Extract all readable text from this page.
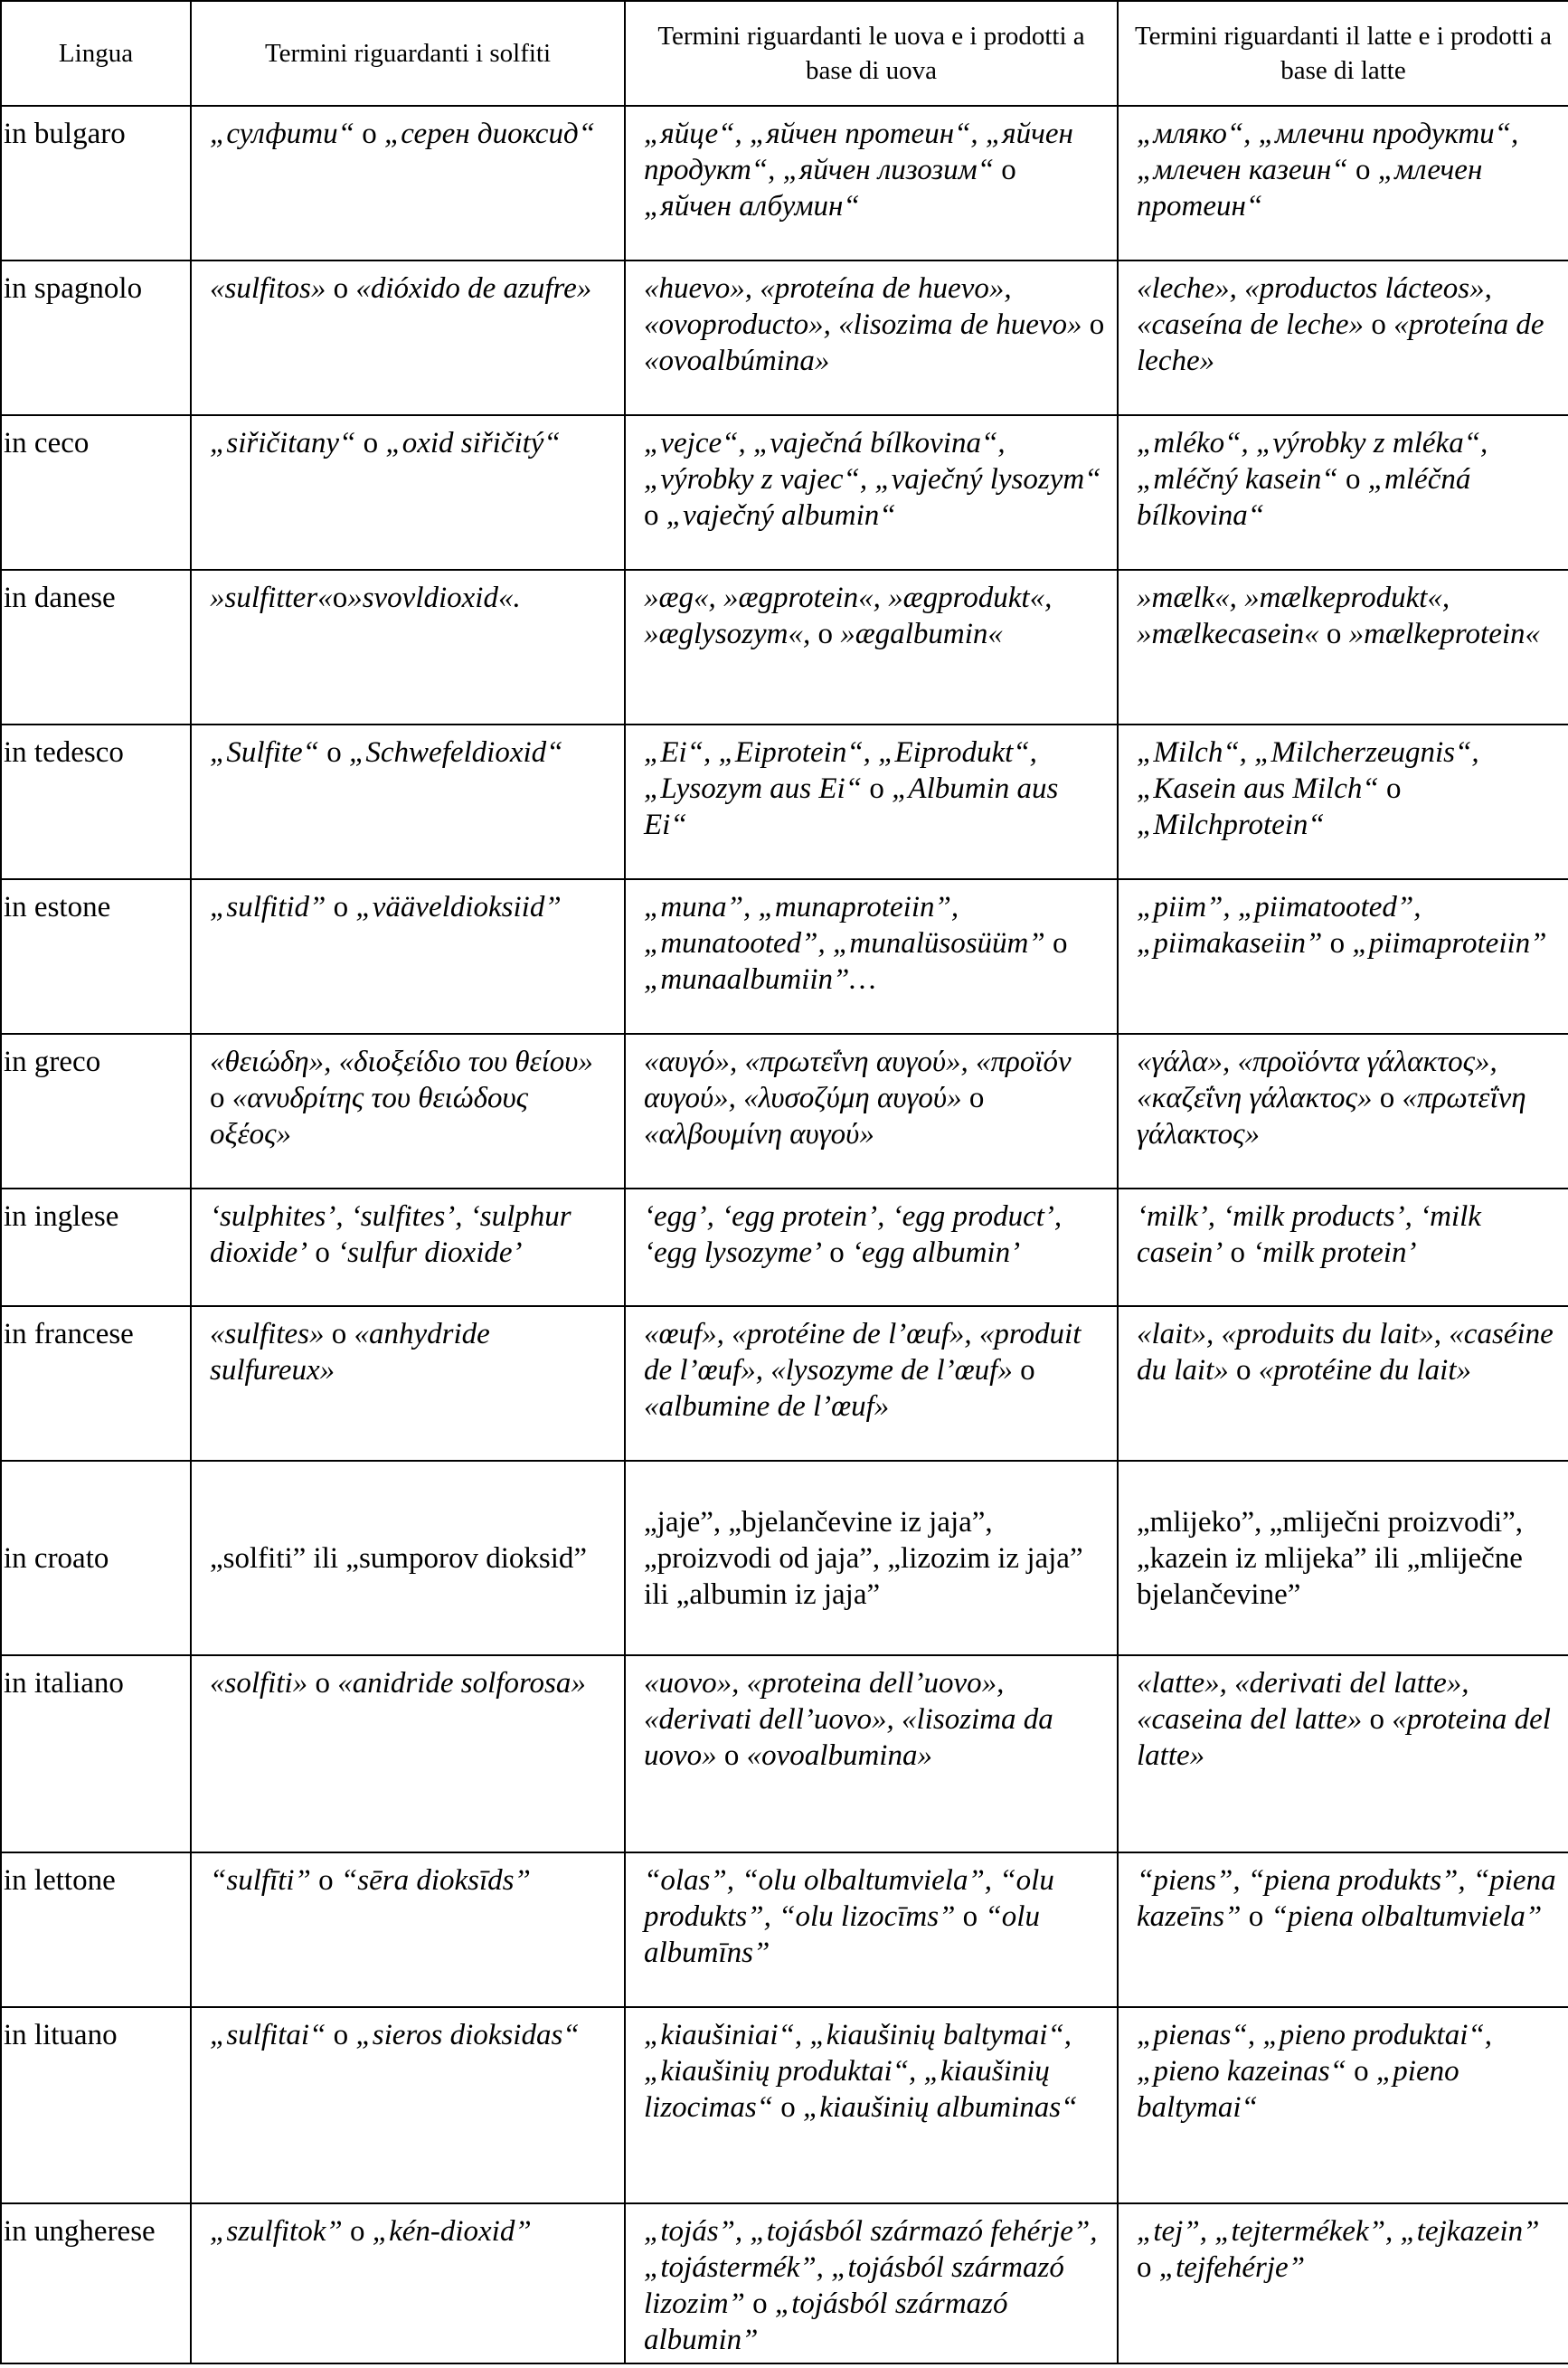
Lingua	Termini riguardanti i solfiti	Termini riguardanti le uova e i prodotti a base di uova	Termini riguardanti il latte e i prodotti a base di latte
in bulgaro	„сулфити“ o „серен диоксид“	„яйце“, „яйчен протеин“, „яйчен продукт“, „яйчен лизозим“ o „яйчен албумин“	„мляко“, „млечни продукти“, „млечен казеин“ o „млечен протеин“
in spagnolo	«sulfitos» o «dióxido de azufre»	«huevo», «proteína de huevo», «ovoproducto», «lisozima de huevo» o «ovoalbúmina»	«leche», «productos lácteos», «caseína de leche» o «proteína de leche»
in ceco	„siřičitany“ o „oxid siřičitý“	„vejce“, „vaječná bílkovina“, „výrobky z vajec“, „vaječný lysozym“ o „vaječný albumin“	„mléko“, „výrobky z mléka“, „mléčný kasein“ o „mléčná bílkovina“
in danese	»sulfitter«o»svovldioxid«.	»æg«, »ægprotein«, »ægprodukt«, »æglysozym«, o »ægalbumin«	»mælk«, »mælkeprodukt«, »mælkecasein« o »mælkeprotein«
in tedesco	„Sulfite“ o „Schwefeldioxid“	„Ei“, „Eiprotein“, „Eiprodukt“, „Lysozym aus Ei“ o „Albumin aus Ei“	„Milch“, „Milcherzeugnis“, „Kasein aus Milch“ o „Milchprotein“
in estone	„sulfitid” o „vääveldioksiid”	„muna”, „munaproteiin”, „munatooted”, „munalüsosüüm” o „munaalbumiin”…	„piim”, „piimatooted”, „piimakaseiin” o „piimaproteiin”
in greco	«θειώδη», «διοξείδιο του θείου» o «ανυδρίτης του θειώδους οξέος»	«αυγό», «πρωτεΐνη αυγού», «προϊόν αυγού», «λυσοζύμη αυγού» o «αλβουμίνη αυγού»	«γάλα», «προϊόντα γάλακτος», «καζεΐνη γάλακτος» o «πρωτεΐνη γάλακτος»
in inglese	‘sulphites’, ‘sulfites’, ‘sulphur dioxide’ o ‘sulfur dioxide’	‘egg’, ‘egg protein’, ‘egg product’, ‘egg lysozyme’ o ‘egg albumin’	‘milk’, ‘milk products’, ‘milk casein’ o ‘milk protein’
in francese	«sulfites» o «anhydride sulfureux»	«œuf», «protéine de l’œuf», «produit de l’œuf», «lysozyme de l’œuf» o «albumine de l’œuf»	«lait», «produits du lait», «caséine du lait» o «protéine du lait»
in croato	„solfiti” ili „sumporov dioksid”	„jaje”, „bjelančevine iz jaja”, „proizvodi od jaja”, „lizozim iz jaja” ili „albumin iz jaja”	„mlijeko”, „mliječni proizvodi”, „kazein iz mlijeka” ili „mliječne bjelančevine”
in italiano	«solfiti» o «anidride solforosa»	«uovo», «proteina dell’uovo», «derivati dell’uovo», «lisozima da uovo» o «ovoalbumina»	«latte», «derivati del latte», «caseina del latte» o «proteina del latte»
in lettone	“sulfīti” o “sēra dioksīds”	“olas”, “olu olbaltumviela”, “olu produkts”, “olu lizocīms” o “olu albumīns”	“piens”, “piena produkts”, “piena kazeīns” o “piena olbaltumviela”
in lituano	„sulfitai“ o „sieros dioksidas“	„kiaušiniai“, „kiaušinių baltymai“, „kiaušinių produktai“, „kiaušinių lizocimas“ o „kiaušinių albuminas“	„pienas“, „pieno produktai“, „pieno kazeinas“ o „pieno baltymai“
in ungherese	„szulfitok” o „kén-dioxid”	„tojás”, „tojásból származó fehérje”, „tojástermék”, „tojásból származó lizozim” o „tojásból származó albumin”	„tej”, „tejtermékek”, „tejkazein” o „tejfehérje”
